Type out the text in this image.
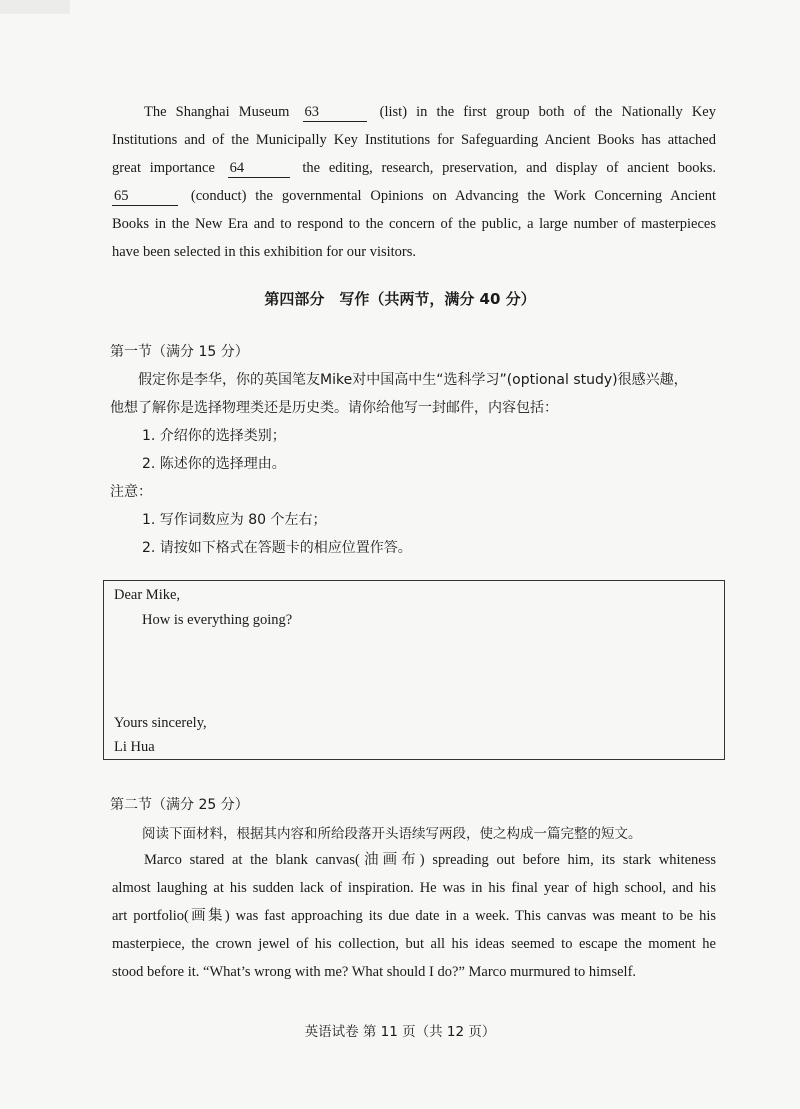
The Shanghai Museum 63	(list) in the first group both of the Nationally Key
Institutions and of the Municipally Key Institutions for Safeguarding Ancient Books has attached
great importance 64	the editing, research, preservation, and display of ancient books.
65	(conduct) the governmental Opinions on Advancing the Work Concerning Ancient
Books in the New Era and to respond to the concern of the public, a large number of masterpieces
have been selected in this exhibition for our visitors.
第四部分　写作（共两节，满分 40 分）
第一节（满分 15 分）
假定你是李华，你的英国笔友Mike对中国高中生“选科学习”(optional study)很感兴趣，
他想了解你是选择物理类还是历史类。请你给他写一封邮件，内容包括：
1. 介绍你的选择类别；
2. 陈述你的选择理由。
注意：
1. 写作词数应为 80 个左右；
2. 请按如下格式在答题卡的相应位置作答。
Dear Mike,
How is everything going?
Yours sincerely,
Li Hua
第二节（满分 25 分）
阅读下面材料，根据其内容和所给段落开头语续写两段，使之构成一篇完整的短文。
Marco stared at the blank canvas(油画布) spreading out before him, its stark whiteness
almost laughing at his sudden lack of inspiration. He was in his final year of high school, and his
art portfolio(画集) was fast approaching its due date in a week. This canvas was meant to be his
masterpiece, the crown jewel of his collection, but all his ideas seemed to escape the moment he
stood before it. “What’s wrong with me? What should I do?” Marco murmured to himself.
英语试卷 第 11 页（共 12 页）
